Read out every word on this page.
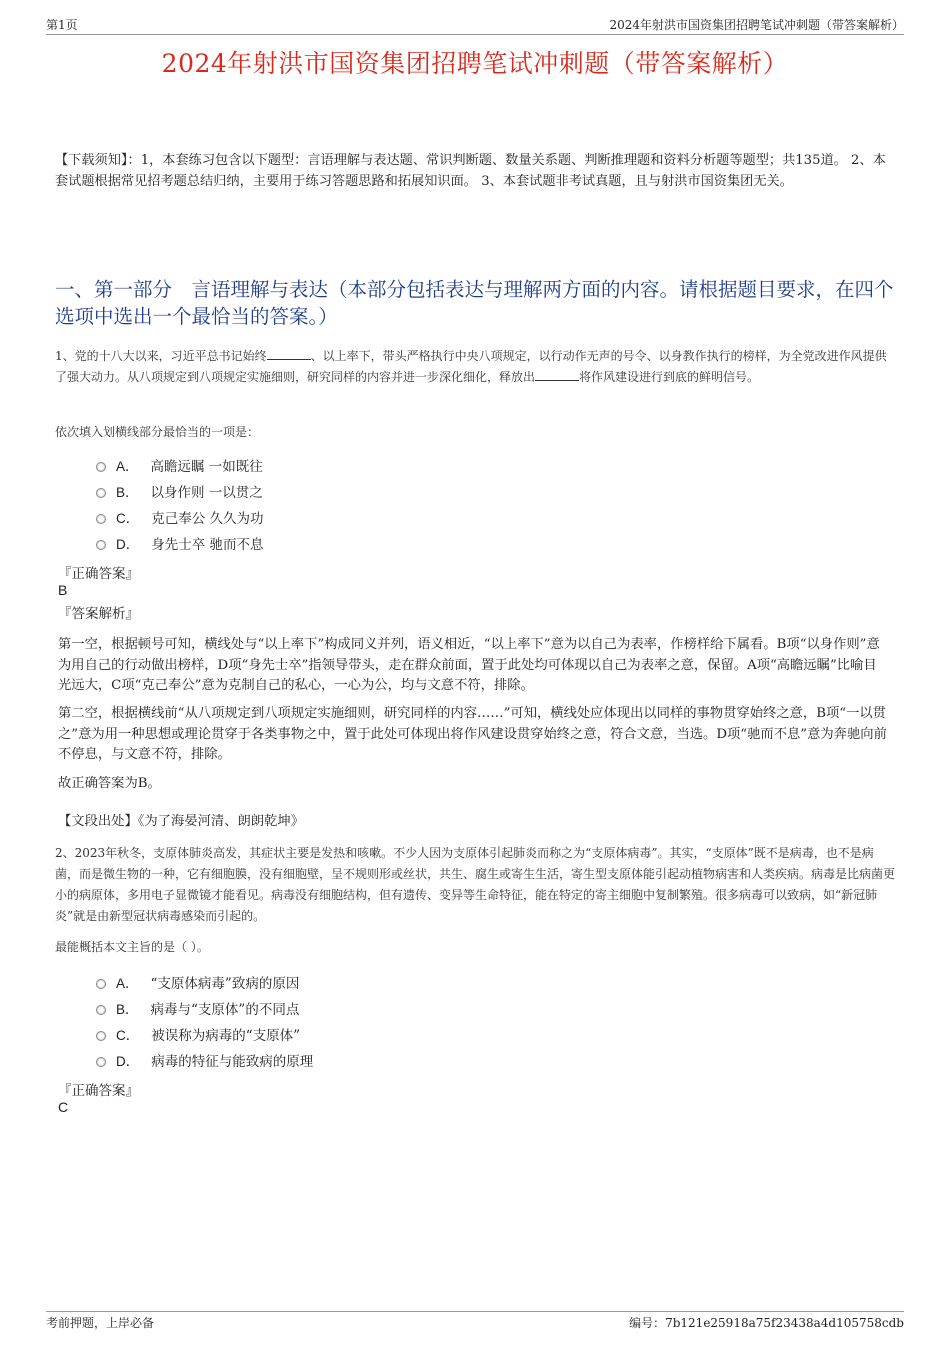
第1页	2024年射洪市国资集团招聘笔试冲刺题（带答案解析）
2024年射洪市国资集团招聘笔试冲刺题（带答案解析）
【下载须知】：1，本套练习包含以下题型：言语理解与表达题、常识判断题、数量关系题、判断推理题和资料分析题等题型；共135道。 2、本套试题根据常见招考题总结归纳，主要用于练习答题思路和拓展知识面。 3、本套试题非考试真题，且与射洪市国资集团无关。
一、第一部分　言语理解与表达（本部分包括表达与理解两方面的内容。请根据题目要求，在四个选项中选出一个最恰当的答案。）
1、党的十八大以来，习近平总书记始终	、以上率下，带头严格执行中央八项规定，以行动作无声的号令、以身教作执行的榜样，为全党改进作风提供了强大动力。从八项规定到八项规定实施细则，研究同样的内容并进一步深化细化，释放出	将作风建设进行到底的鲜明信号。
依次填入划横线部分最恰当的一项是：
A． 高瞻远瞩 一如既往
B． 以身作则 一以贯之
C． 克己奉公 久久为功
D． 身先士卒 驰而不息
『正确答案』
B
『答案解析』
第一空，根据顿号可知，横线处与“以上率下”构成同义并列，语义相近，“以上率下”意为以自己为表率，作榜样给下属看。B项“以身作则”意为用自己的行动做出榜样，D项“身先士卒”指领导带头，走在群众前面，置于此处均可体现以自己为表率之意，保留。A项“高瞻远瞩”比喻目光远大，C项“克己奉公”意为克制自己的私心，一心为公，均与文意不符，排除。
第二空，根据横线前“从八项规定到八项规定实施细则，研究同样的内容……”可知，横线处应体现出以同样的事物贯穿始终之意，B项“一以贯之”意为用一种思想或理论贯穿于各类事物之中，置于此处可体现出将作风建设贯穿始终之意，符合文意，当选。D项“驰而不息”意为奔驰向前不停息，与文意不符，排除。
故正确答案为B。
【文段出处】《为了海晏河清、朗朗乾坤》
2、2023年秋冬，支原体肺炎高发，其症状主要是发热和咳嗽。不少人因为支原体引起肺炎而称之为“支原体病毒”。其实，“支原体”既不是病毒，也不是病菌，而是微生物的一种，它有细胞膜，没有细胞壁，呈不规则形或丝状，共生、腐生或寄生生活，寄生型支原体能引起动植物病害和人类疾病。病毒是比病菌更小的病原体，多用电子显微镜才能看见。病毒没有细胞结构，但有遗传、变异等生命特征，能在特定的寄主细胞中复制繁殖。很多病毒可以致病，如“新冠肺炎”就是由新型冠状病毒感染而引起的。
最能概括本文主旨的是（ ）。
A． “支原体病毒”致病的原因
B． 病毒与“支原体”的不同点
C． 被误称为病毒的“支原体”
D． 病毒的特征与能致病的原理
『正确答案』
C
考前押题，上岸必备	编号：7b121e25918a75f23438a4d105758cdb
